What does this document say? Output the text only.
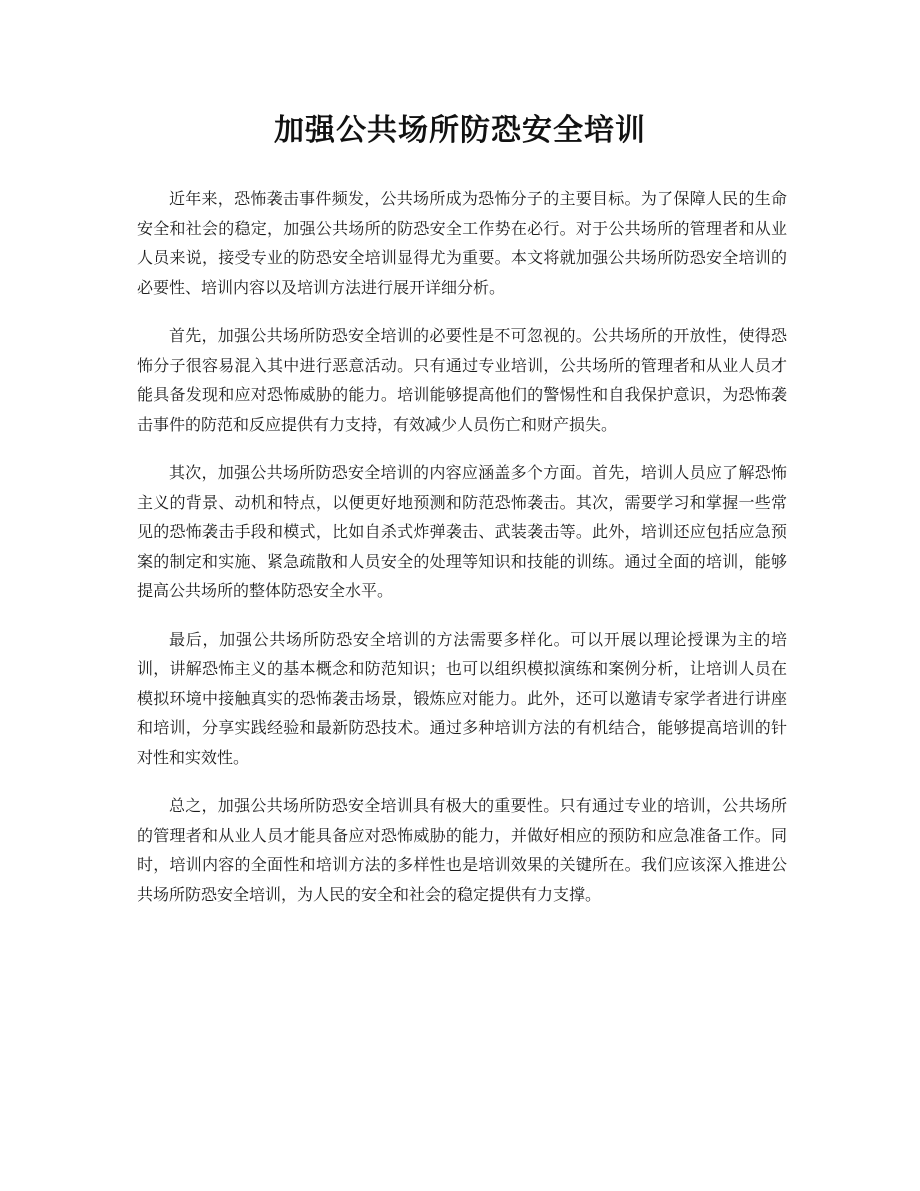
加强公共场所防恐安全培训

近年来，恐怖袭击事件频发，公共场所成为恐怖分子的主要目标。为了保障人民的生命安全和社会的稳定，加强公共场所的防恐安全工作势在必行。对于公共场所的管理者和从业人员来说，接受专业的防恐安全培训显得尤为重要。本文将就加强公共场所防恐安全培训的必要性、培训内容以及培训方法进行展开详细分析。

首先，加强公共场所防恐安全培训的必要性是不可忽视的。公共场所的开放性，使得恐怖分子很容易混入其中进行恶意活动。只有通过专业培训，公共场所的管理者和从业人员才能具备发现和应对恐怖威胁的能力。培训能够提高他们的警惕性和自我保护意识，为恐怖袭击事件的防范和反应提供有力支持，有效减少人员伤亡和财产损失。

其次，加强公共场所防恐安全培训的内容应涵盖多个方面。首先，培训人员应了解恐怖主义的背景、动机和特点，以便更好地预测和防范恐怖袭击。其次，需要学习和掌握一些常见的恐怖袭击手段和模式，比如自杀式炸弹袭击、武装袭击等。此外，培训还应包括应急预案的制定和实施、紧急疏散和人员安全的处理等知识和技能的训练。通过全面的培训，能够提高公共场所的整体防恐安全水平。

最后，加强公共场所防恐安全培训的方法需要多样化。可以开展以理论授课为主的培训，讲解恐怖主义的基本概念和防范知识；也可以组织模拟演练和案例分析，让培训人员在模拟环境中接触真实的恐怖袭击场景，锻炼应对能力。此外，还可以邀请专家学者进行讲座和培训，分享实践经验和最新防恐技术。通过多种培训方法的有机结合，能够提高培训的针对性和实效性。

总之，加强公共场所防恐安全培训具有极大的重要性。只有通过专业的培训，公共场所的管理者和从业人员才能具备应对恐怖威胁的能力，并做好相应的预防和应急准备工作。同时，培训内容的全面性和培训方法的多样性也是培训效果的关键所在。我们应该深入推进公共场所防恐安全培训，为人民的安全和社会的稳定提供有力支撑。
